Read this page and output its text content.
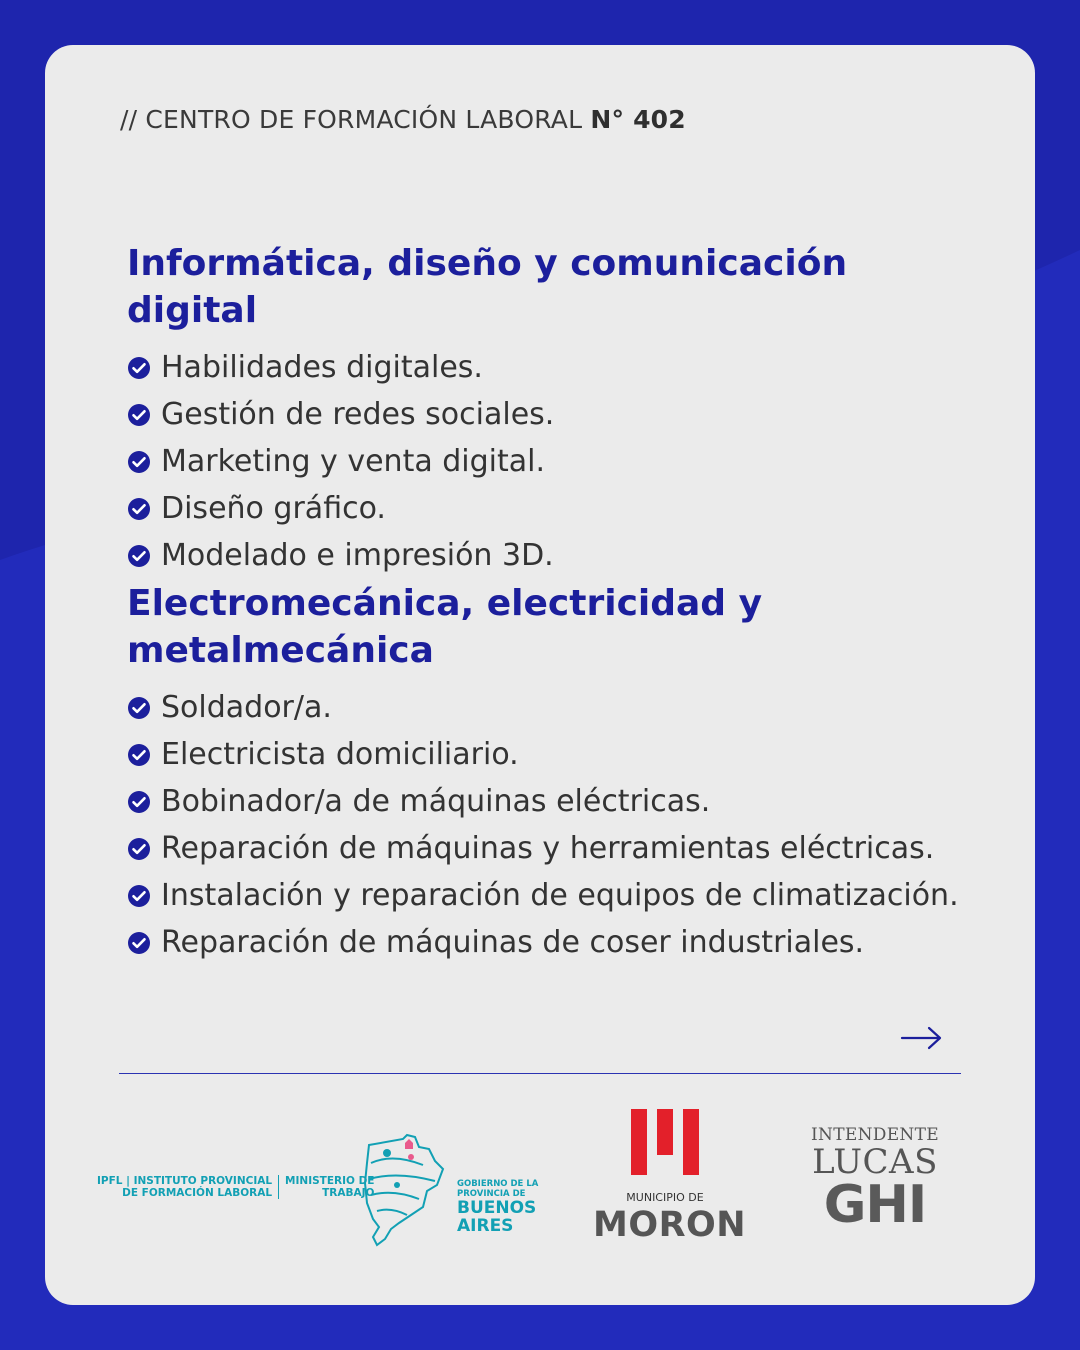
// CENTRO DE FORMACIÓN LABORAL N° 402
Informática, diseño y comunicación digital
Habilidades digitales.
Gestión de redes sociales.
Marketing y venta digital.
Diseño gráfico.
Modelado e impresión 3D.
Electromecánica, electricidad y metalmecánica
Soldador/a.
Electricista domiciliario.
Bobinador/a de máquinas eléctricas.
Reparación de máquinas y herramientas eléctricas.
Instalación y reparación de equipos de climatización.
Reparación de máquinas de coser industriales.
IPFL | INSTITUTO PROVINCIAL
DE FORMACIÓN LABORAL
MINISTERIO DE
TRABAJO
GOBIERNO DE LA
PROVINCIA DE
BUENOS
AIRES
MUNICIPIO DE
MORON
INTENDENTE
LUCAS
GHI
